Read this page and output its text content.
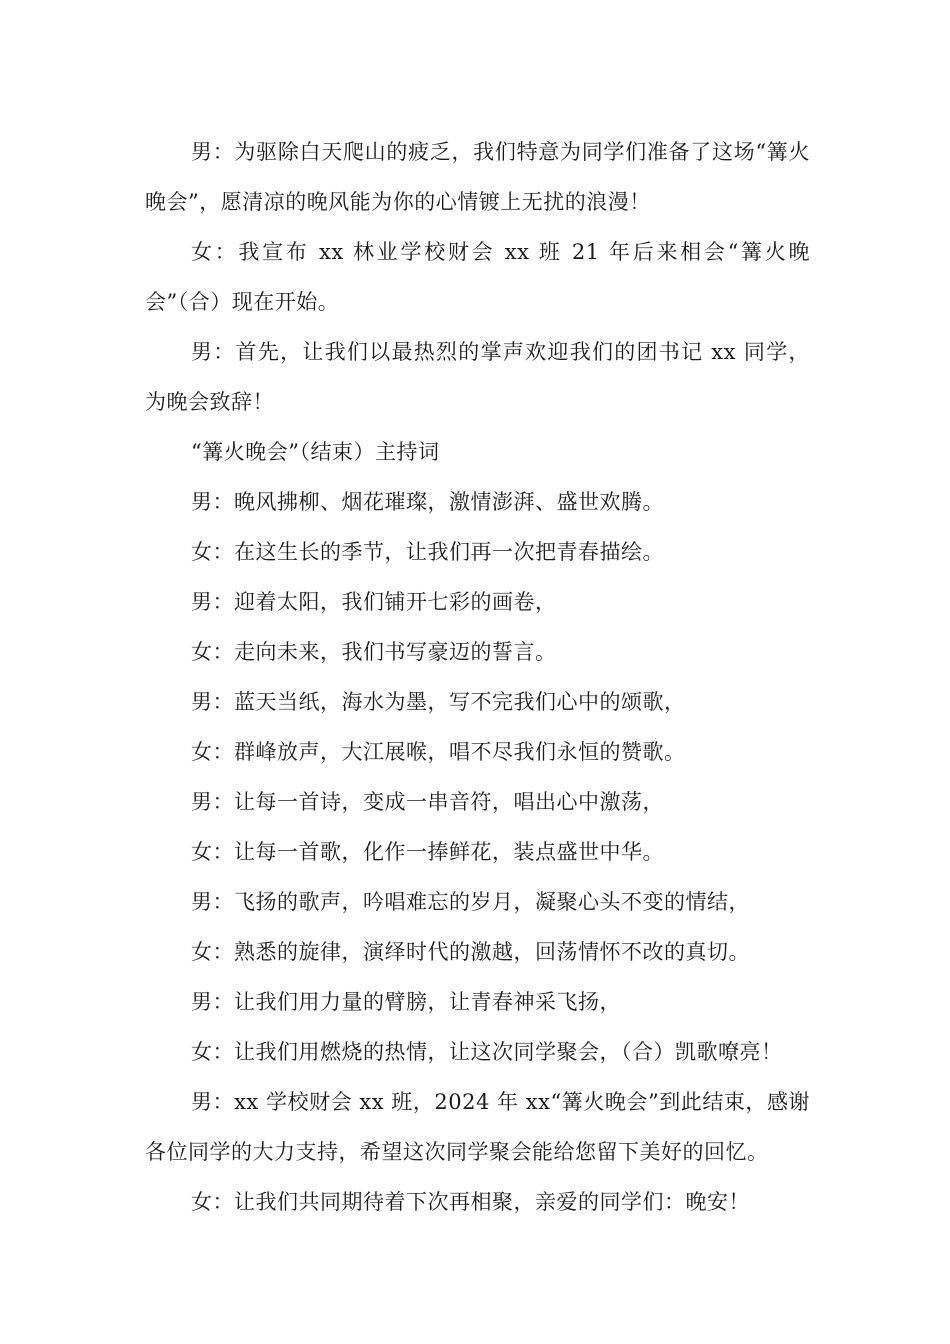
男：为驱除白天爬山的疲乏，我们特意为同学们准备了这场“篝火晚会”，愿清凉的晚风能为你的心情镀上无扰的浪漫！

女：我宣布 xx 林业学校财会 xx 班 21 年后来相会“篝火晚会”（合）现在开始。

男：首先，让我们以最热烈的掌声欢迎我们的团书记 xx 同学，为晚会致辞！

“篝火晚会”（结束）主持词

男：晚风拂柳、烟花璀璨，激情澎湃、盛世欢腾。

女：在这生长的季节，让我们再一次把青春描绘。

男：迎着太阳，我们铺开七彩的画卷，

女：走向未来，我们书写豪迈的誓言。

男：蓝天当纸，海水为墨，写不完我们心中的颂歌，

女：群峰放声，大江展喉，唱不尽我们永恒的赞歌。

男：让每一首诗，变成一串音符，唱出心中激荡，

女：让每一首歌，化作一捧鲜花，装点盛世中华。

男：飞扬的歌声，吟唱难忘的岁月，凝聚心头不变的情结，

女：熟悉的旋律，演绎时代的激越，回荡情怀不改的真切。

男：让我们用力量的臂膀，让青春神采飞扬，

女：让我们用燃烧的热情，让这次同学聚会，（合）凯歌嘹亮！

男：xx 学校财会 xx 班，2024 年 xx“篝火晚会”到此结束，感谢各位同学的大力支持，希望这次同学聚会能给您留下美好的回忆。

女：让我们共同期待着下次再相聚，亲爱的同学们：晚安！
